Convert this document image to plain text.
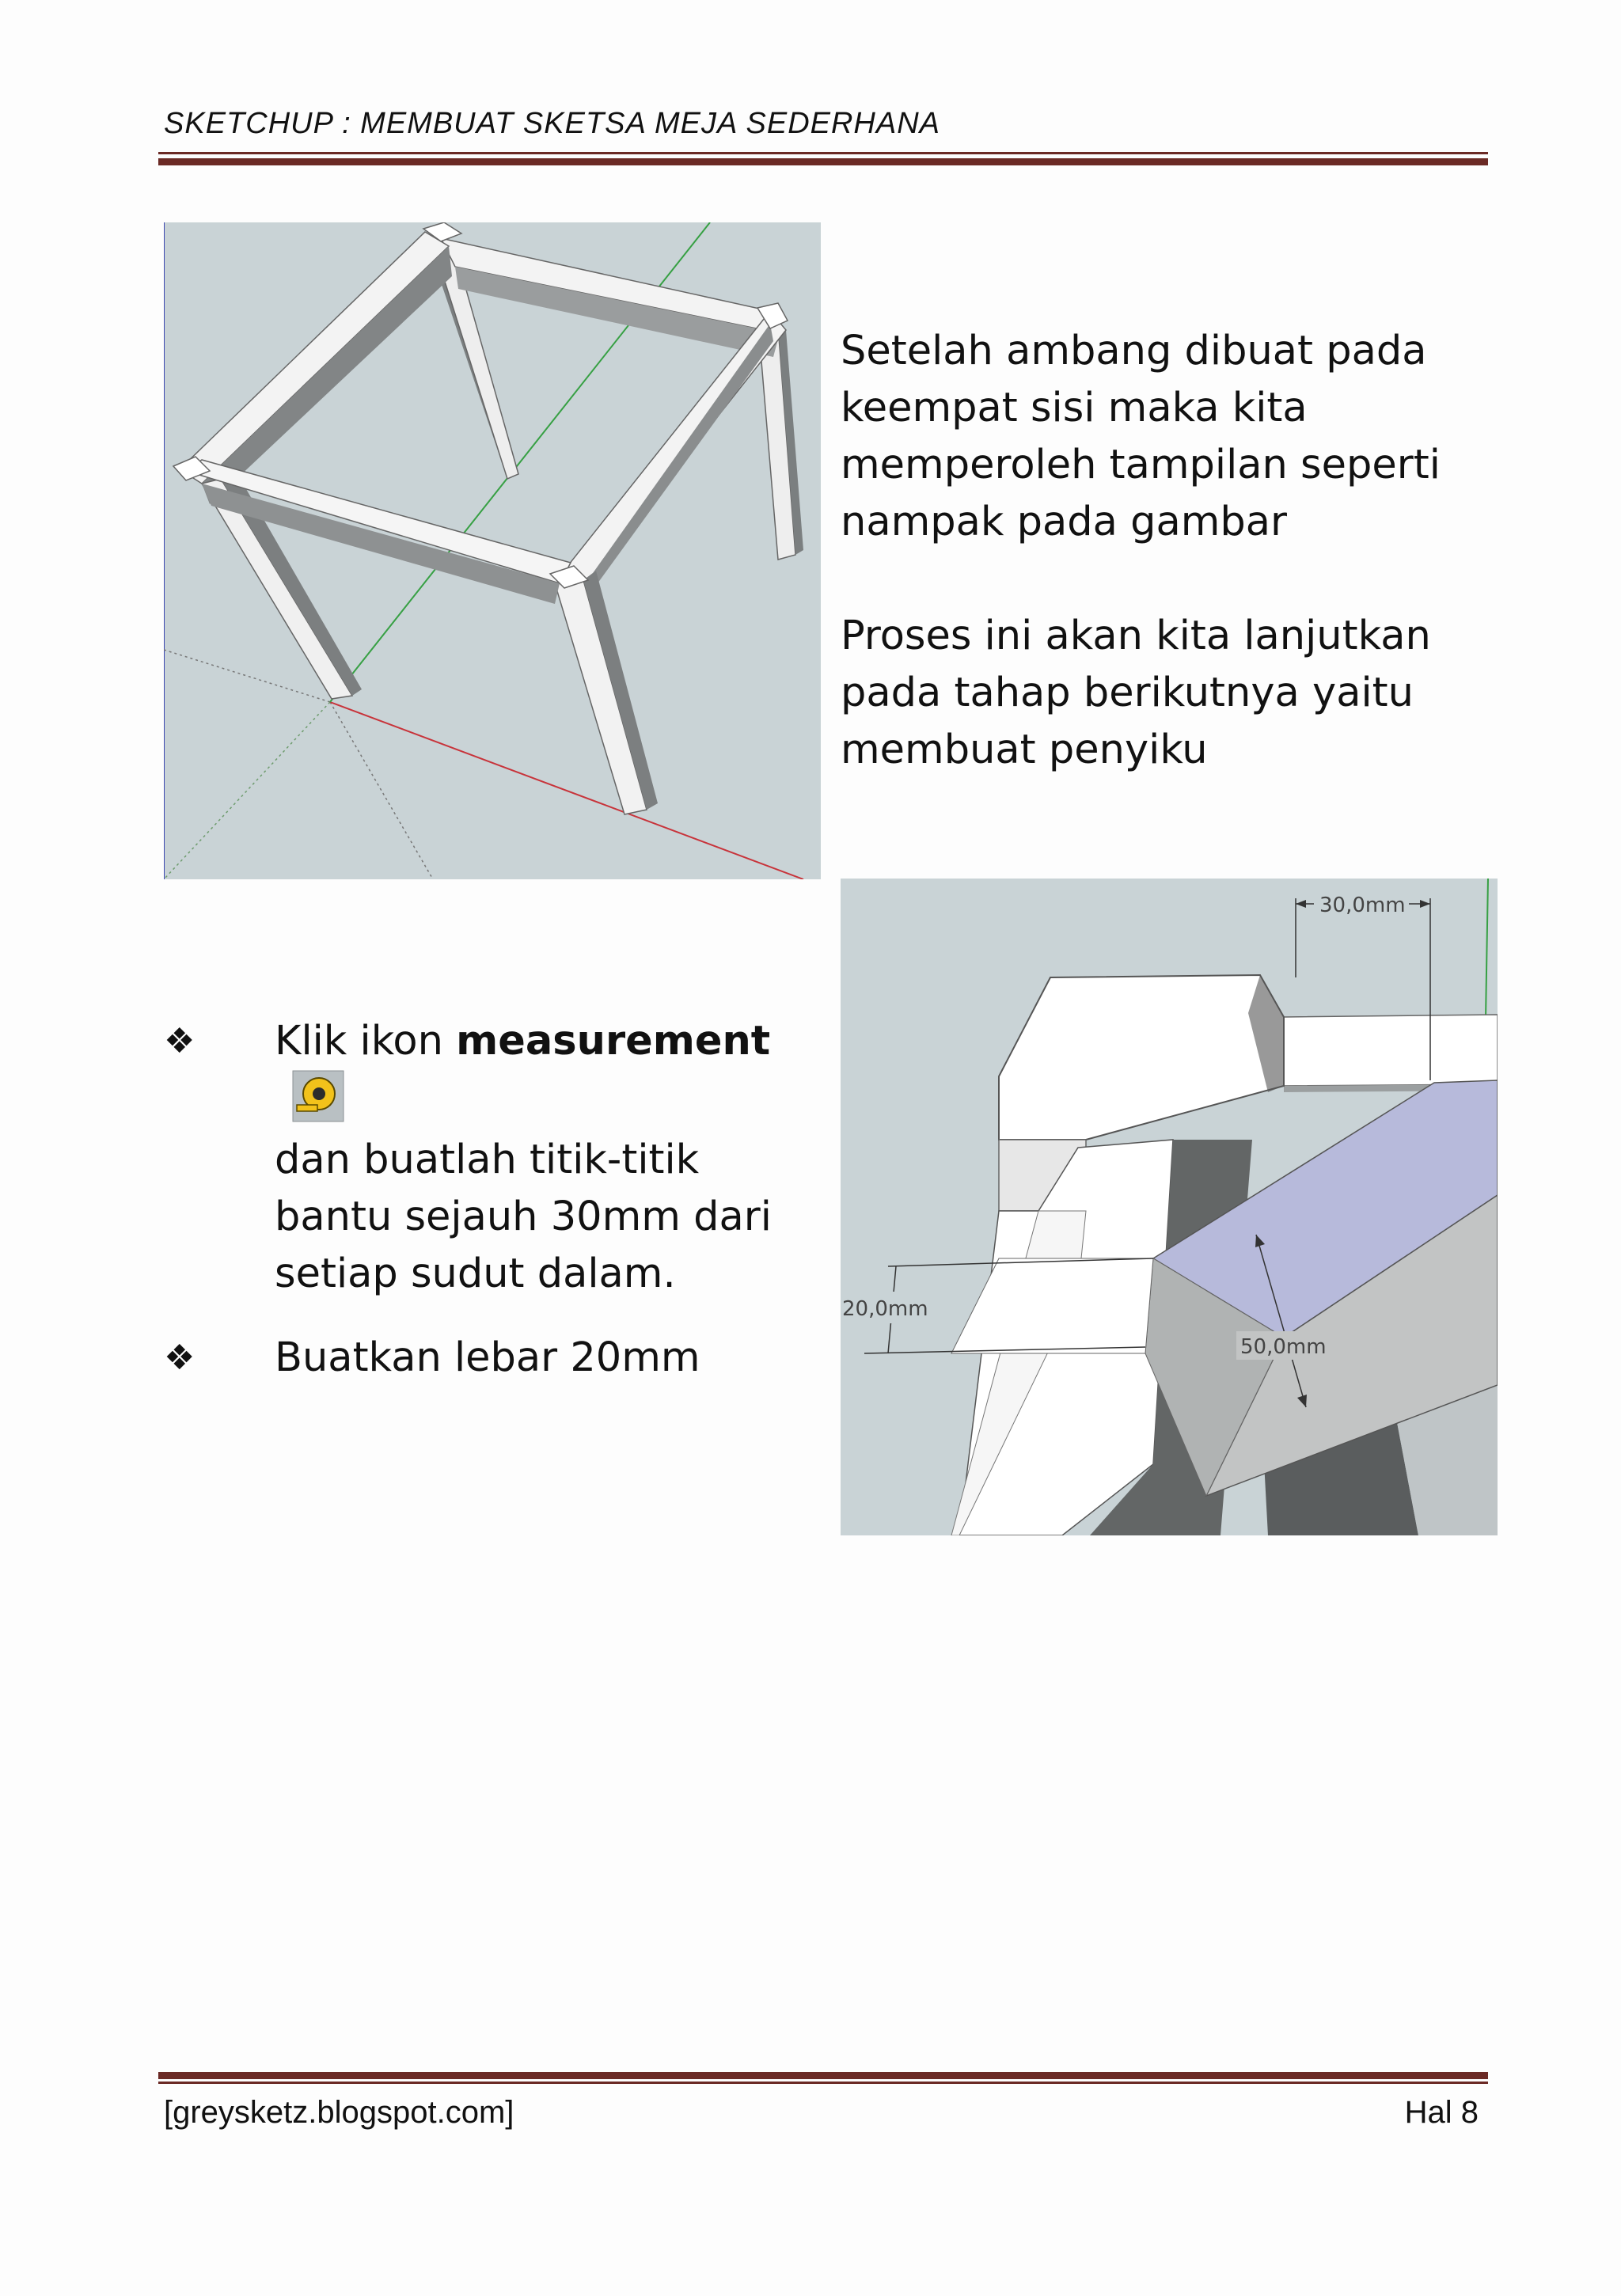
SKETCHUP : MEMBUAT SKETSA MEJA SEDERHANA

Setelah ambang dibuat pada

keempat sisi maka kita

memperoleh tampilan seperti

nampak pada gambar

Proses ini akan kita lanjutkan

pada tahap berikutnya yaitu

membuat penyiku

30,0mm
20,0mm
50,0mm
❖ Klik ikon measurement
dan buatlah titik-titik bantu sejauh 30mm dari setiap sudut dalam.
❖ Buatkan lebar 20mm
[greysketz.blogspot.com]	Hal 8
